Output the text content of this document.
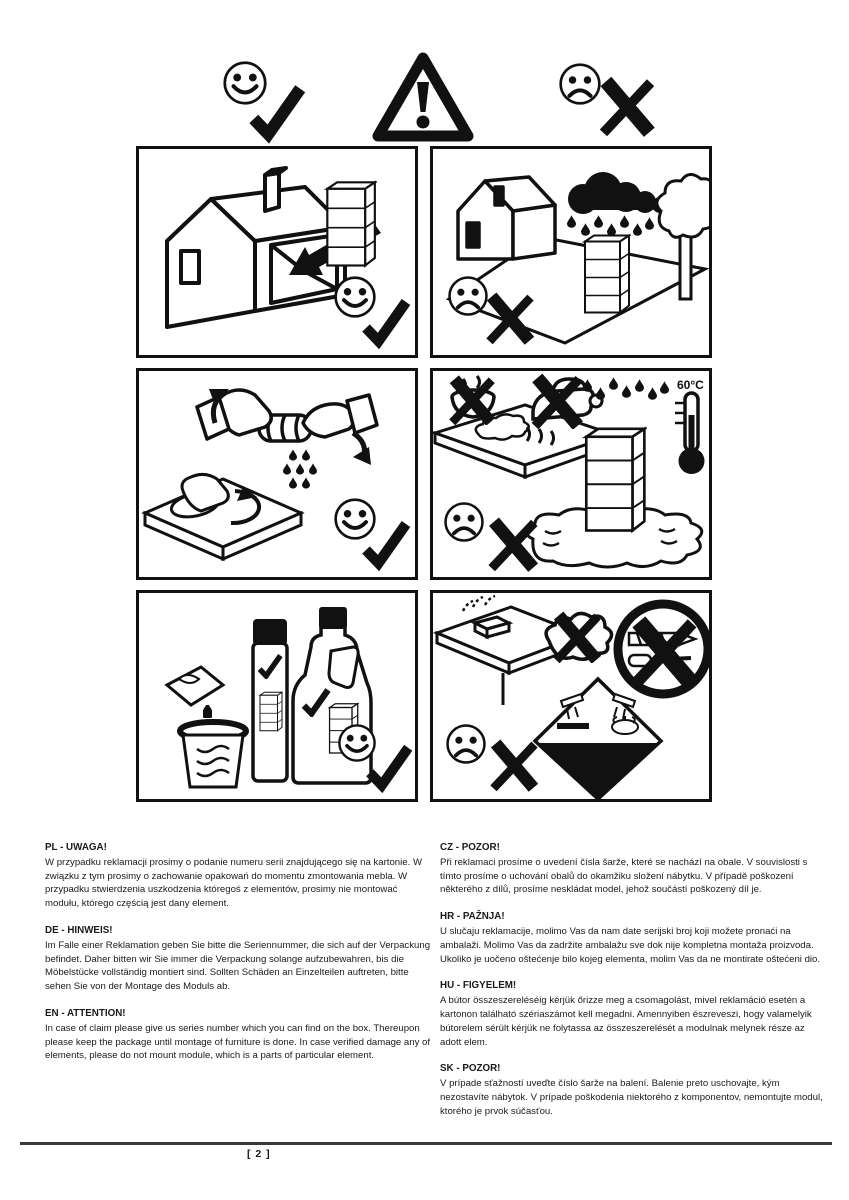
60°C

PL - UWAGA!

W przypadku reklamacji prosimy o podanie numeru serii znajdującego się na kartonie. W związku z tym prosimy o zachowanie opakowań do momentu zmontowania mebla. W przypadku stwierdzenia uszkodzenia któregoś z elementów, prosimy nie montować modułu, którego częścią jest dany element.

DE - HINWEIS!

Im Falle einer Reklamation geben Sie bitte die Seriennummer, die sich auf der Verpackung befindet. Daher bitten wir Sie immer die Verpackung solange aufzubewahren, bis die Möbelstücke vollständig montiert sind. Sollten Schäden an Einzelteilen auftreten, bitte sehen Sie von der Montage des Moduls ab.

EN - ATTENTION!

In case of claim please give us series number which you can find on the box. Thereupon please keep the package until montage of furniture is done. In case verified damage any of elements, please do not mount module, which is a parts of particular element.

CZ - POZOR!

Při reklamaci prosíme o uvedení čísla šarže, které se nachází na obale. V souvislosti s tímto prosíme o uchování obalů do okamžiku složení nábytku. V případě poškození některého z dílů, prosíme neskládat model, jehož součástí poškozený díl je.

HR - PAŽNJA!

U slučaju reklamacije, molimo Vas da nam date serijski broj koji možete pronaći na ambalaži. Molimo Vas da zadržite ambalažu sve dok nije kompletna montaža proizvoda. Ukoliko je uočeno oštećenje bilo kojeg elementa, molim Vas da ne montirate oštećeni dio.

HU - FIGYELEM!

A bútor összeszereléséig kérjük őrizze meg a csomagolást, mivel reklamáció esetén a kartonon található szériaszámot kell megadni. Amennyiben észreveszi, hogy valamelyik bútorelem sérült kérjük ne folytassa az összeszerelését a modulnak melynek része az adott elem.

SK - POZOR!

V prípade sťažností uveďte číslo šarže na balení. Balenie preto uschovajte, kým nezostavíte nábytok. V prípade poškodenia niektorého z komponentov, nemontujte modul, ktorého je prvok súčasťou.

[ 2 ]
